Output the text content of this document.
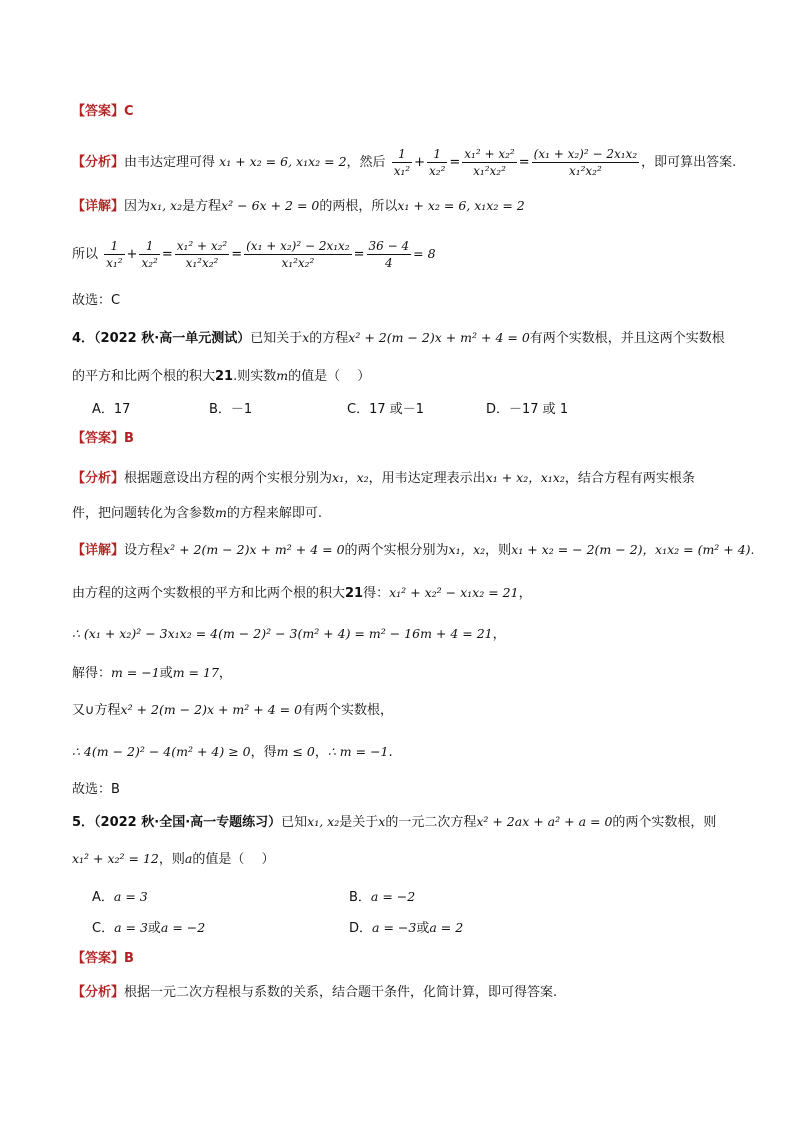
【答案】C
【分析】由韦达定理可得 x₁ + x₂ = 6, x₁x₂ = 2，然后 $\frac{1}{\text{x₁²}} + \frac{1}{\text{x₂²}} = \frac{\text{x₁² + x₂²}}{\text{x₁²x₂²}} = \frac{\text{(x₁ + x₂)² − 2x₁x₂}}{\text{x₁²x₂²}}$ ，即可算出答案.
【详解】因为x₁, x₂是方程x² − 6x + 2 = 0的两根，所以x₁ + x₂ = 6, x₁x₂ = 2
所以 $\frac{1}{\text{x₁²}} + \frac{1}{\text{x₂²}} = \frac{\text{x₁² + x₂²}}{\text{x₁²x₂²}} = \frac{\text{(x₁ + x₂)² − 2x₁x₂}}{\text{x₁²x₂²}} = \frac{36 - 4}{4} = 8$
故选：C
4．（2022 秋·高一单元测试）已知关于x的方程x² + 2(m − 2)x + m² + 4 = 0有两个实数根，并且这两个实数根
的平方和比两个根的积大21.则实数m的值是（　 ）
A．17	B．－1	C．17 或－1	D．－17 或 1
【答案】B
【分析】根据题意设出方程的两个实根分别为x₁，x₂，用韦达定理表示出x₁ + x₂，x₁x₂，结合方程有两实根条
件，把问题转化为含参数m的方程来解即可.
【详解】设方程x² + 2(m − 2)x + m² + 4 = 0的两个实根分别为x₁，x₂，则x₁ + x₂ = − 2(m − 2)，x₁x₂ = (m² + 4).
由方程的这两个实数根的平方和比两个根的积大21得：x₁² + x₂² − x₁x₂ = 21，
∴ (x₁ + x₂)² − 3x₁x₂ = 4(m − 2)² − 3(m² + 4) = m² − 16m + 4 = 21，
解得：m = −1或m = 17，
又∪方程x² + 2(m − 2)x + m² + 4 = 0有两个实数根，
∴ 4(m − 2)² − 4(m² + 4) ≥ 0，得m ≤ 0，∴ m = −1.
故选：B
5．（2022 秋·全国·高一专题练习）已知x₁, x₂是关于x的一元二次方程x² + 2ax + a² + a = 0的两个实数根，则
x₁² + x₂² = 12，则a的值是（　 ）
A．a = 3	B．a = −2
C．a = 3或a = −2	D．a = −3或a = 2
【答案】B
【分析】根据一元二次方程根与系数的关系，结合题干条件，化简计算，即可得答案.
